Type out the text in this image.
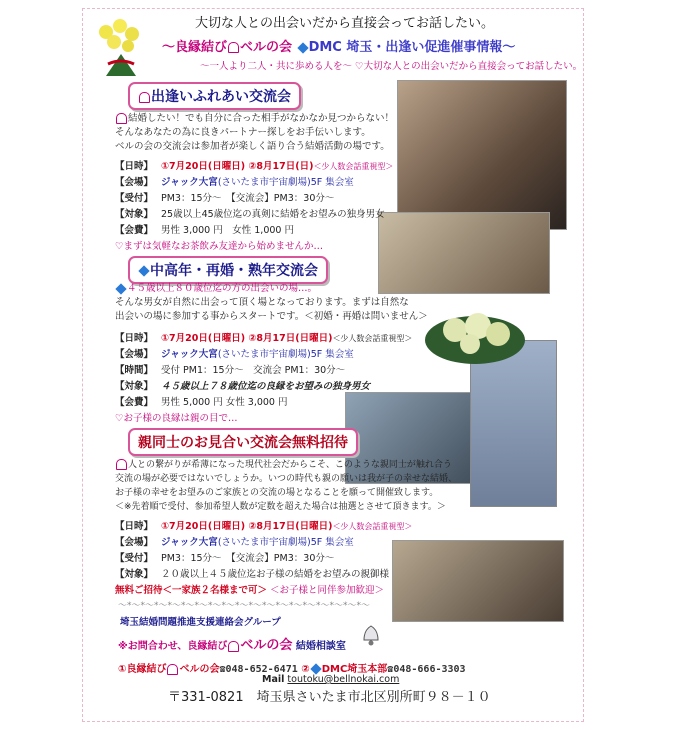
大切な人との出会いだから直接会ってお話したい。
～良縁結び ベルの会 DMC 埼玉・出逢い促進催事情報～
～一人より二人・共に歩める人を～ ♡大切な人との出会いだから直接会ってお話したい。
出逢いふれあい交流会
結婚したい！でも自分に合った相手がなかなか見つからない！
そんなあなたの為に良きパートナー探しをお手伝いします。
ベルの会の交流会は参加者が楽しく語り合う結婚活動の場です。
【日時】 ①7月20日(日曜日) ②8月17日(日)＜少人数会話重視型＞
【会場】 ジャック大宮(さいたま市宇宙劇場)5F 集会室
【受付】 PM3：15分～　【交流会】PM3：30分～
【対象】 25歳以上45歳位迄の真剣に結婚をお望みの独身男女
【会費】 男性 3,000 円　女性 1,000 円
♡まずは気軽なお茶飲み友達から始めませんか…
中高年・再婚・熟年交流会
４５歳以上８０歳位迄の方の出会いの場…。
そんな男女が自然に出会って頂く場となっております。まずは自然な
出会いの場に参加する事からスタートです。＜初婚・再婚は問いません＞
【日時】 ①7月20日(日曜日) ②8月17日(日曜日)＜少人数会話重視型＞
【会場】 ジャック大宮(さいたま市宇宙劇場)5F 集会室
【時間】 受付 PM1：15分～　交流会 PM1：30分～
【対象】 ４５歳以上７８歳位迄の良縁をお望みの独身男女
【会費】 男性 5,000 円 女性 3,000 円
♡お子様の良縁は親の目で…
親同士のお見合い交流会無料招待
人との繋がりが希薄になった現代社会だからこそ、このような親同士が触れ合う
交流の場が必要ではないでしょうか。いつの時代も親の願いは我が子の幸せな結婚、
お子様の幸せをお望みのご家族との交流の場となることを願って開催致します。
＜※先着順で受付、参加希望人数が定数を超えた場合は抽選とさせて頂きます。＞
【日時】 ①7月20日(日曜日) ②8月17日(日曜日)＜少人数会話重視型＞
【会場】 ジャック大宮(さいたま市宇宙劇場)5F 集会室
【受付】 PM3：15分～　【交流会】PM3：30分～
【対象】 ２０歳以上４５歳位迄お子様の結婚をお望みの親御様
無料ご招待＜一家族２名様まで可＞ ＜お子様と同伴参加歓迎＞
～*～*～*～*～*～*～*～*～*～*～*～*～*～*～*～*～*～*～
埼玉結婚問題推進支援連絡会グループ
※お問合わせ、良縁結び ベルの会 結婚相談室
①良縁結び ベルの会☎048-652-6471 ② DMC埼玉本部☎048-666-3303
Mail toutoku@bellnokai.com
〒331-0821　埼玉県さいたま市北区別所町９８－１０
